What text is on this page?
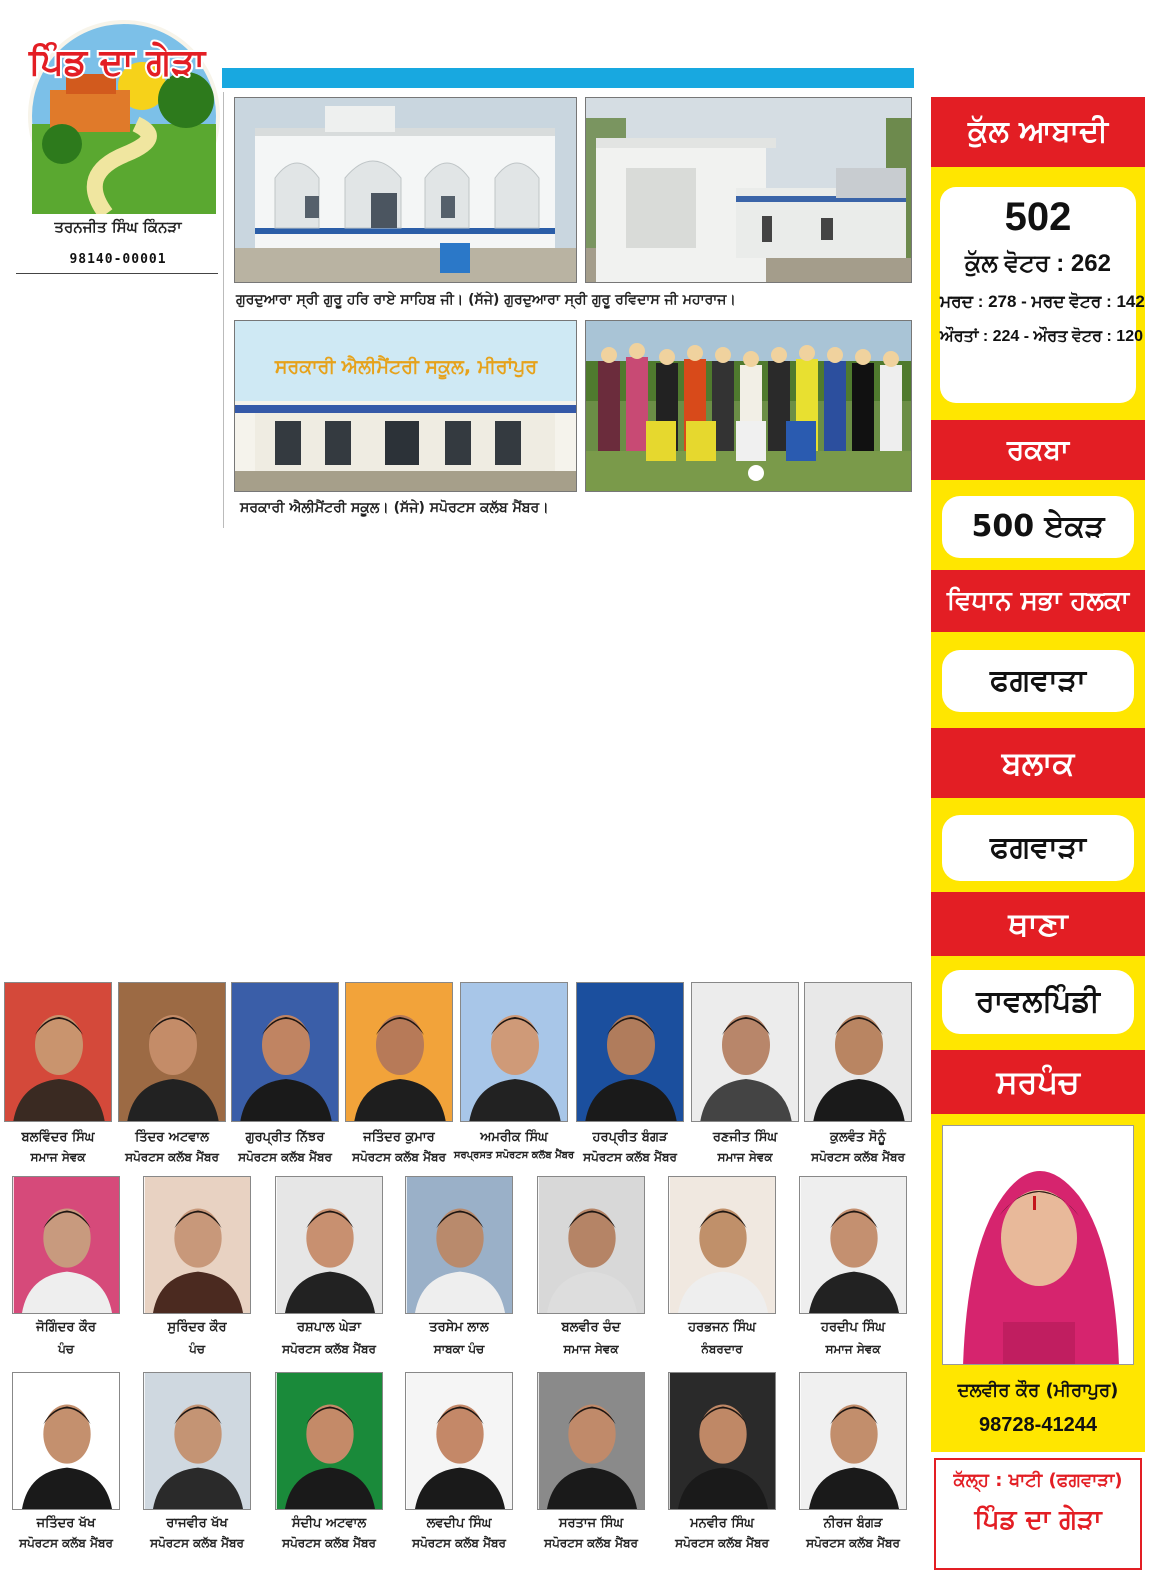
ਪਿੰਡ ਦਾ ਗੇੜਾ
ਤਰਨਜੀਤ ਸਿੰਘ ਕਿੰਨੜਾ
98140-00001
ਗੁਰਦੁਆਰਾ ਸ੍ਰੀ ਗੁਰੂ ਹਰਿ ਰਾਏ ਸਾਹਿਬ ਜੀ। (ਸੱਜੇ) ਗੁਰਦੁਆਰਾ ਸ੍ਰੀ ਗੁਰੂ ਰਵਿਦਾਸ ਜੀ ਮਹਾਰਾਜ।
ਸਰਕਾਰੀ ਐਲੀਮੈਂਟਰੀ ਸਕੂਲ, ਮੀਰਾਂਪੁਰ
ਸਰਕਾਰੀ ਐਲੀਮੈਂਟਰੀ ਸਕੂਲ। (ਸੱਜੇ) ਸਪੋਰਟਸ ਕਲੱਬ ਮੈਂਬਰ।
ਕੁੱਲ ਆਬਾਦੀ
502
ਕੁੱਲ ਵੋਟਰ : 262
ਮਰਦ : 278 - ਮਰਦ ਵੋਟਰ : 142
ਔਰਤਾਂ : 224 - ਔਰਤ ਵੋਟਰ : 120
ਰਕਬਾ
500 ਏਕੜ
ਵਿਧਾਨ ਸਭਾ ਹਲਕਾ
ਫਗਵਾੜਾ
ਬਲਾਕ
ਫਗਵਾੜਾ
ਥਾਣਾ
ਰਾਵਲਪਿੰਡੀ
ਸਰਪੰਚ
ਦਲਵੀਰ ਕੌਰ (ਮੀਰਾਪੁਰ)
98728-41244
ਕੱਲ੍ਹ : ਖਾਟੀ (ਫਗਵਾੜਾ)
ਪਿੰਡ ਦਾ ਗੇੜਾ
ਬਲਵਿੰਦਰ ਸਿੰਘ
ਸਮਾਜ ਸੇਵਕ
ਤਿੰਦਰ ਅਟਵਾਲ
ਸਪੋਰਟਸ ਕਲੱਬ ਮੈਂਬਰ
ਗੁਰਪ੍ਰੀਤ ਨਿੱਝਰ
ਸਪੋਰਟਸ ਕਲੱਬ ਮੈਂਬਰ
ਜਤਿੰਦਰ ਕੁਮਾਰ
ਸਪੋਰਟਸ ਕਲੱਬ ਮੈਂਬਰ
ਅਮਰੀਕ ਸਿੰਘ
ਸਰਪ੍ਰਸਤ ਸਪੋਰਟਸ ਕਲੱਬ ਮੈਂਬਰ
ਹਰਪ੍ਰੀਤ ਬੰਗੜ
ਸਪੋਰਟਸ ਕਲੱਬ ਮੈਂਬਰ
ਰਣਜੀਤ ਸਿੰਘ
ਸਮਾਜ ਸੇਵਕ
ਕੁਲਵੰਤ ਸੋਨੂੰ
ਸਪੋਰਟਸ ਕਲੱਬ ਮੈਂਬਰ
ਜੋਗਿੰਦਰ ਕੌਰ
ਪੰਚ
ਸੁਰਿੰਦਰ ਕੌਰ
ਪੰਚ
ਰਸ਼ਪਾਲ ਘੇੜਾ
ਸਪੋਰਟਸ ਕਲੱਬ ਮੈਂਬਰ
ਤਰਸੇਮ ਲਾਲ
ਸਾਬਕਾ ਪੰਚ
ਬਲਵੀਰ ਚੰਦ
ਸਮਾਜ ਸੇਵਕ
ਹਰਭਜਨ ਸਿੰਘ
ਨੰਬਰਦਾਰ
ਹਰਦੀਪ ਸਿੰਘ
ਸਮਾਜ ਸੇਵਕ
ਜਤਿੰਦਰ ਖੱਖ
ਸਪੋਰਟਸ ਕਲੱਬ ਮੈਂਬਰ
ਰਾਜਵੀਰ ਖੱਖ
ਸਪੋਰਟਸ ਕਲੱਬ ਮੈਂਬਰ
ਸੰਦੀਪ ਅਟਵਾਲ
ਸਪੋਰਟਸ ਕਲੱਬ ਮੈਂਬਰ
ਲਵਦੀਪ ਸਿੰਘ
ਸਪੋਰਟਸ ਕਲੱਬ ਮੈਂਬਰ
ਸਰਤਾਜ ਸਿੰਘ
ਸਪੋਰਟਸ ਕਲੱਬ ਮੈਂਬਰ
ਮਨਵੀਰ ਸਿੰਘ
ਸਪੋਰਟਸ ਕਲੱਬ ਮੈਂਬਰ
ਨੀਰਜ ਬੰਗੜ
ਸਪੋਰਟਸ ਕਲੱਬ ਮੈਂਬਰ
